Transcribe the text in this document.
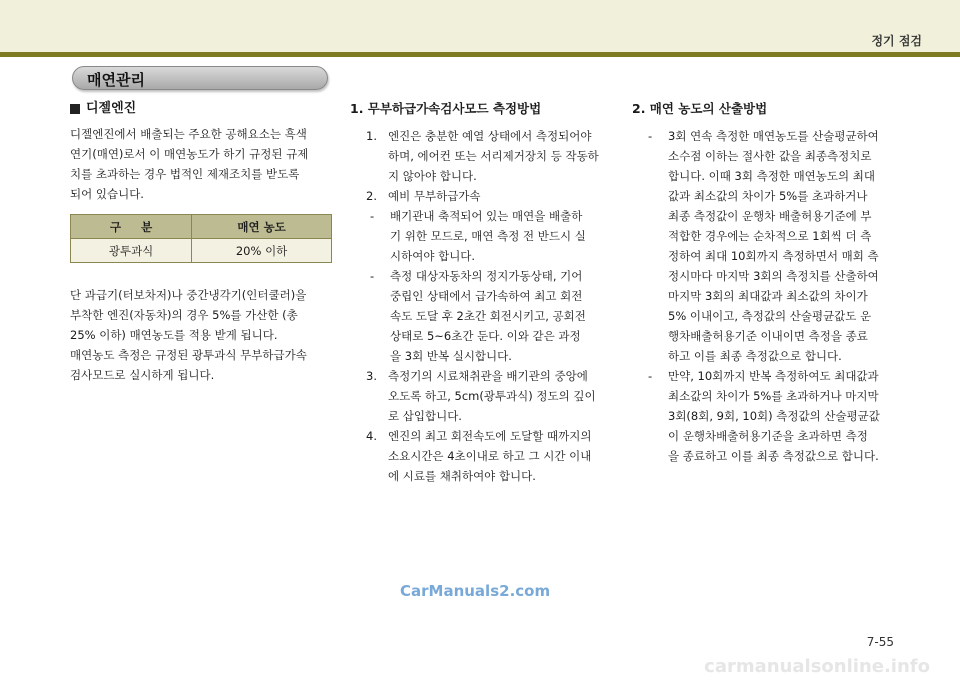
정기 점검
매연관리
디젤엔진
디젤엔진에서 배출되는 주요한 공해요소는 흑색
연기(매연)로서 이 매연농도가 하기 규정된 규제
치를 초과하는 경우 법적인 제재조치를 받도록
되어 있습니다.
구     분	매연 농도
광투과식	20% 이하
단 과급기(터보차저)나 중간냉각기(인터쿨러)을
부착한 엔진(자동차)의 경우 5%를 가산한 (총
25% 이하) 매연농도를 적용 받게 됩니다.
매연농도 측정은 규정된 광투과식 무부하급가속
검사모드로 실시하게 됩니다.
1. 무부하급가속검사모드 측정방법
1. 엔진은 충분한 예열 상태에서 측정되어야
하며, 에어컨 또는 서리제거장치 등 작동하
지 않아야 합니다.
2. 예비 무부하급가속
-	배기관내 축적되어 있는 매연을 배출하
기 위한 모드로, 매연 측정 전 반드시 실
시하여야 합니다.
-	측정 대상자동차의 정지가동상태, 기어
중립인 상태에서 급가속하여 최고 회전
속도 도달 후 2초간 회전시키고, 공회전
상태로 5~6초간 둔다. 이와 같은 과정
을 3회 반복 실시합니다.
3. 측정기의 시료채취관을 배기관의 중앙에
오도록 하고, 5cm(광투과식) 정도의 깊이
로 삽입합니다.
4. 엔진의 최고 회전속도에 도달할 때까지의
소요시간은 4초이내로 하고 그 시간 이내
에 시료를 채취하여야 합니다.
2. 매연 농도의 산출방법
-	3회 연속 측정한 매연농도를 산술평균하여
소수점 이하는 절사한 값을 최종측정치로
합니다. 이때 3회 측정한 매연농도의 최대
값과 최소값의 차이가 5%를 초과하거나
최종 측정값이 운행차 배출허용기준에 부
적합한 경우에는 순차적으로 1회씩 더 측
정하여 최대 10회까지 측정하면서 매회 측
정시마다 마지막 3회의 측정치를 산출하여
마지막 3회의 최대값과 최소값의 차이가
5% 이내이고, 측정값의 산술평균값도 운
행차배출허용기준 이내이면 측정을 종료
하고 이를 최종 측정값으로 합니다.
-	만약, 10회까지 반복 측정하여도 최대값과
최소값의 차이가 5%를 초과하거나 마지막
3회(8회, 9회, 10회) 측정값의 산술평균값
이 운행차배출허용기준을 초과하면 측정
을 종료하고 이를 최종 측정값으로 합니다.
CarManuals2.com
7-55
carmanualsonline.info
